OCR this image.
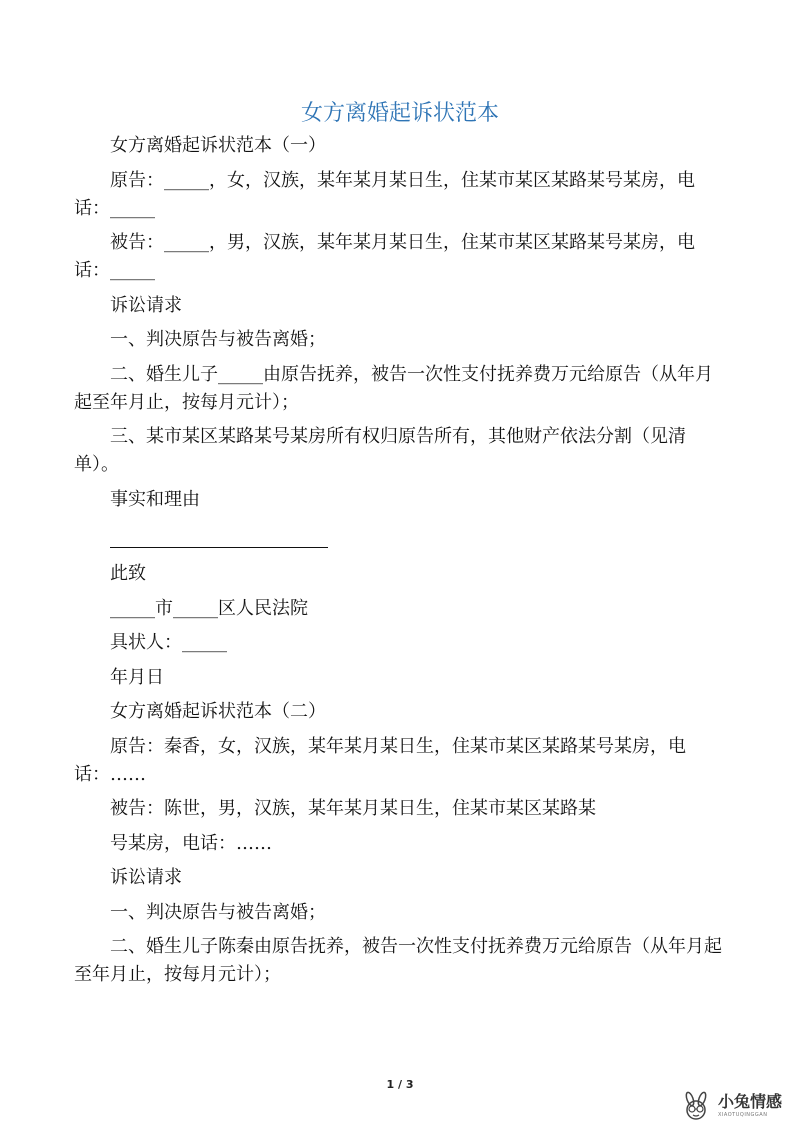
女方离婚起诉状范本

女方离婚起诉状范本（一）

原告：_____，女，汉族，某年某月某日生，住某市某区某路某号某房，电话：_____

被告：_____，男，汉族，某年某月某日生，住某市某区某路某号某房，电话：_____

诉讼请求

一、判决原告与被告离婚；

二、婚生儿子_____由原告抚养，被告一次性支付抚养费万元给原告（从年月起至年月止，按每月元计）；

三、某市某区某路某号某房所有权归原告所有，其他财产依法分割（见清单）。

事实和理由

此致

_____市_____区人民法院

具状人：_____

年月日

女方离婚起诉状范本（二）

原告：秦香，女，汉族，某年某月某日生，住某市某区某路某号某房，电话：……

被告：陈世，男，汉族，某年某月某日生，住某市某区某路某

号某房，电话：……

诉讼请求

一、判决原告与被告离婚；

二、婚生儿子陈秦由原告抚养，被告一次性支付抚养费万元给原告（从年月起至年月止，按每月元计）；

1 / 3
小兔情感
XIAOTUQINGGAN
